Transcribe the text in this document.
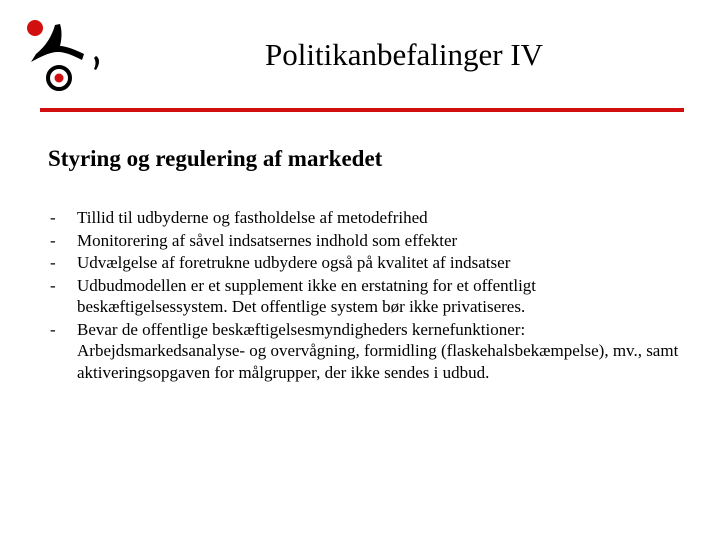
Politikanbefalinger IV
Styring og regulering af markedet
-	Tillid til udbyderne og fastholdelse af metodefrihed
-	Monitorering af såvel indsatsernes indhold som effekter
-	Udvælgelse af foretrukne udbydere også på kvalitet af indsatser
-	Udbudmodellen er et supplement ikke en erstatning for et offentligt beskæftigelsessystem. Det offentlige system bør ikke privatiseres.
-	Bevar de offentlige beskæftigelsesmyndigheders kernefunktioner: Arbejdsmarkedsanalyse- og overvågning, formidling (flaskehalsbekæmpelse), mv., samt aktiveringsopgaven for målgrupper, der ikke sendes i udbud.
